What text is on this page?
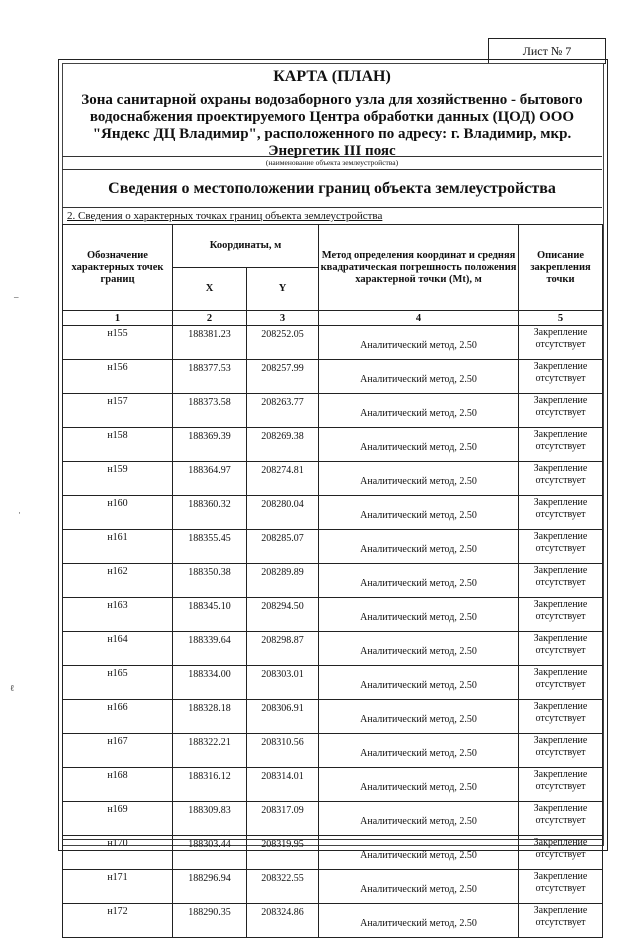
Лист № 7
КАРТА (ПЛАН)
Зона санитарной охраны водозаборного узла для хозяйственно - бытового
водоснабжения проектируемого Центра обработки данных (ЦОД) ООО
"Яндекс ДЦ Владимир", расположенного по адресу: г. Владимир, мкр.
Энергетик III пояс
(наименование объекта землеустройства)
Сведения о местоположении границ объекта землеустройства
2. Сведения о характерных точках границ объекта землеустройства
Обозначение характерных точек границ	Координаты, м		Метод определения координат и средняя квадратическая погрешность положения характерной точки (Mt), м	Описание закрепления точки
	X	Y		
1	2	3	4	5
н155	188381.23	208252.05	Аналитический метод, 2.50	Закрепление отсутствует
н156	188377.53	208257.99	Аналитический метод, 2.50	Закрепление отсутствует
н157	188373.58	208263.77	Аналитический метод, 2.50	Закрепление отсутствует
н158	188369.39	208269.38	Аналитический метод, 2.50	Закрепление отсутствует
н159	188364.97	208274.81	Аналитический метод, 2.50	Закрепление отсутствует
н160	188360.32	208280.04	Аналитический метод, 2.50	Закрепление отсутствует
н161	188355.45	208285.07	Аналитический метод, 2.50	Закрепление отсутствует
н162	188350.38	208289.89	Аналитический метод, 2.50	Закрепление отсутствует
н163	188345.10	208294.50	Аналитический метод, 2.50	Закрепление отсутствует
н164	188339.64	208298.87	Аналитический метод, 2.50	Закрепление отсутствует
н165	188334.00	208303.01	Аналитический метод, 2.50	Закрепление отсутствует
н166	188328.18	208306.91	Аналитический метод, 2.50	Закрепление отсутствует
н167	188322.21	208310.56	Аналитический метод, 2.50	Закрепление отсутствует
н168	188316.12	208314.01	Аналитический метод, 2.50	Закрепление отсутствует
н169	188309.83	208317.09	Аналитический метод, 2.50	Закрепление отсутствует
н170	188303.44	208319.95	Аналитический метод, 2.50	Закрепление отсутствует
н171	188296.94	208322.55	Аналитический метод, 2.50	Закрепление отсутствует
н172	188290.35	208324.86	Аналитический метод, 2.50	Закрепление отсутствует
–
·
ℓ
